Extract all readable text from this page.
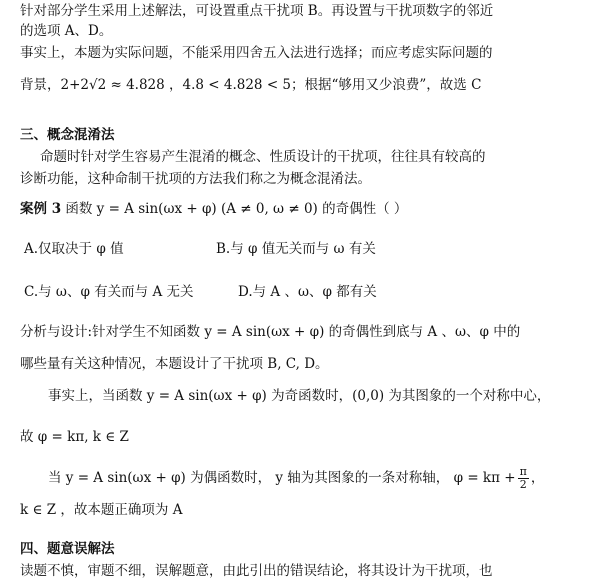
针对部分学生采用上述解法，可设置重点干扰项 B。再设置与干扰项数字的邻近
的选项 A、D。
事实上，本题为实际问题，不能采用四舍五入法进行选择；而应考虑实际问题的
背景，2+2√2 ≈ 4.828 ，4.8 < 4.828 < 5；根据“够用又少浪费”，故选 C
三、概念混淆法
命题时针对学生容易产生混淆的概念、性质设计的干扰项，往往具有较高的
诊断功能，这种命制干扰项的方法我们称之为概念混淆法。
案例 3 函数 y = A sin(ωx + φ) (A ≠ 0, ω ≠ 0) 的奇偶性（ ）
A.仅取决于 φ 值	B.与 φ 值无关而与 ω 有关
C.与 ω、φ 有关而与 A 无关	D.与 A 、ω、φ 都有关
分析与设计:针对学生不知函数 y = A sin(ωx + φ) 的奇偶性到底与 A 、ω、φ 中的
哪些量有关这种情况，本题设计了干扰项 B, C, D。
事实上，当函数 y = A sin(ωx + φ) 为奇函数时，(0,0) 为其图象的一个对称中心，
故 φ = kπ, k ∈ Z
当 y = A sin(ωx + φ) 为偶函数时， y 轴为其图象的一条对称轴， $\varphi = k\pi + \frac{\pi}{2}$ ，
k ∈ Z ，故本题正确项为 A
四、题意误解法
读题不慎，审题不细，误解题意，由此引出的错误结论，将其设计为干扰项，也
